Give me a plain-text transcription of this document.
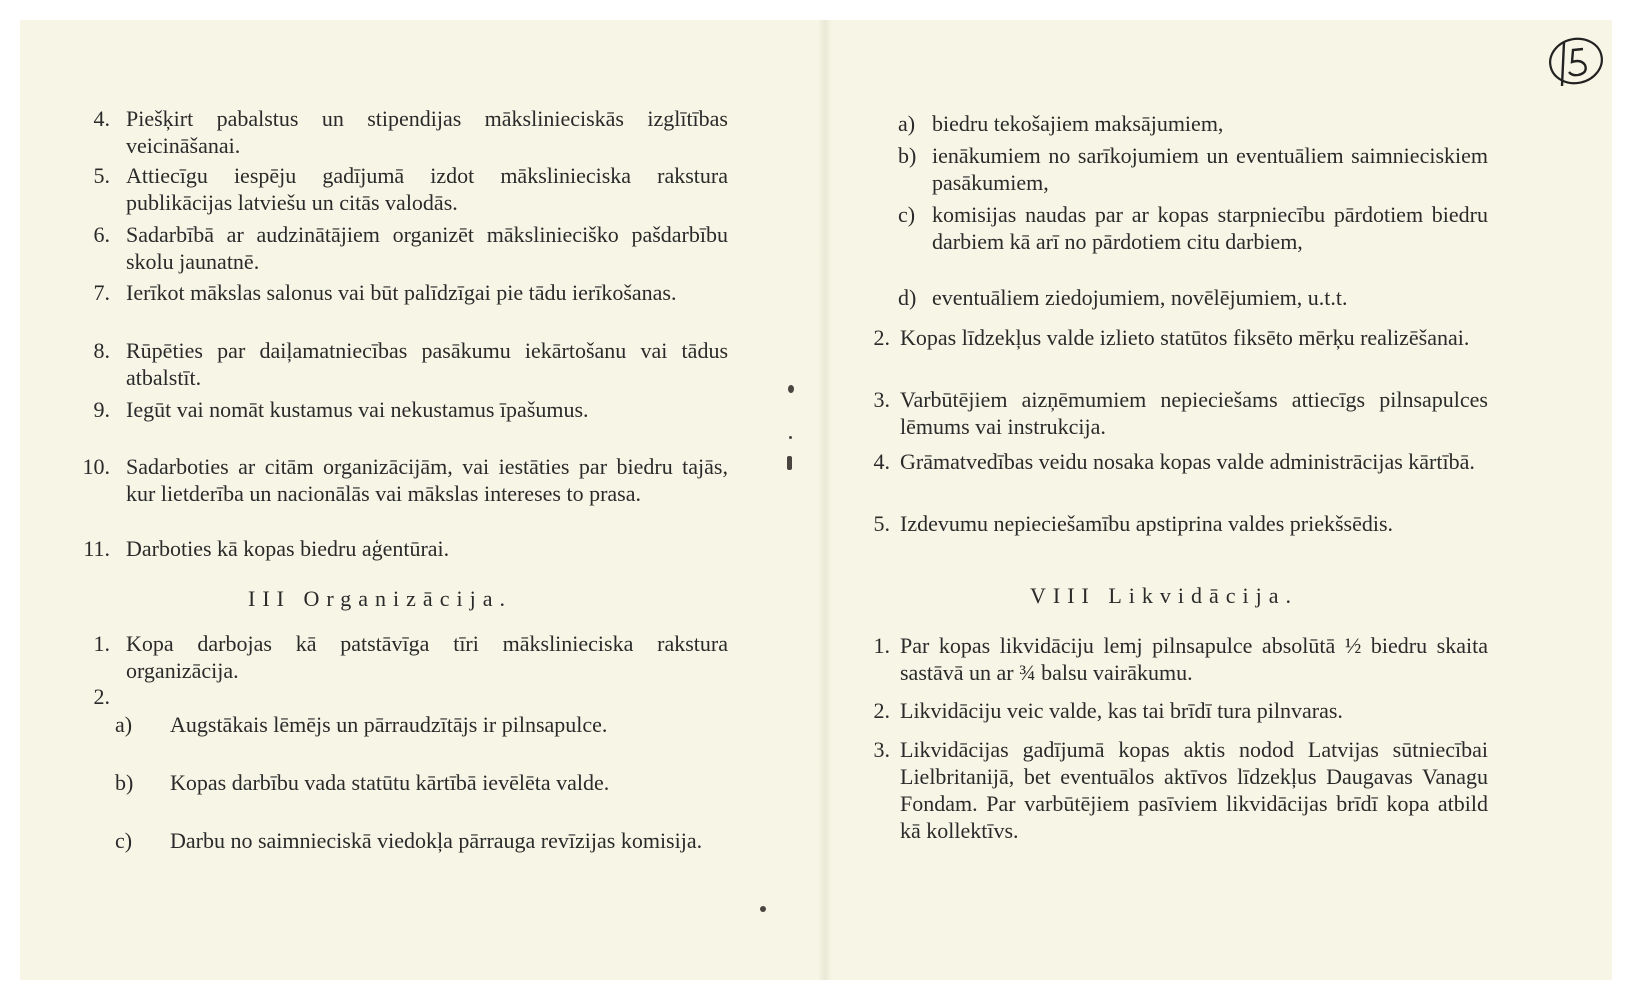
4. Piešķirt pabalstus un stipendijas mākslinieciskās izglītības veicināšanai.
5. Attiecīgu iespēju gadījumā izdot mākslinieciska rakstura publikācijas latviešu un citās valodās.
6. Sadarbībā ar audzinātājiem organizēt mākslinieciško pašdarbību skolu jaunatnē.
7. Ierīkot mākslas salonus vai būt palīdzīgai pie tādu ierīkošanas.
8. Rūpēties par daiļamatniecības pasākumu iekārtošanu vai tādus atbalstīt.
9. Iegūt vai nomāt kustamus vai nekustamus īpašumus.
10. Sadarboties ar citām organizācijām, vai iestāties par biedru tajās, kur lietderība un nacionālās vai mākslas intereses to prasa.
11. Darboties kā kopas biedru aģentūrai.
III Organizācija.
1. Kopa darbojas kā patstāvīga tīri mākslinieciska rakstura organizācija.
2.
a)	Augstākais lēmējs un pārraudzītājs ir pilnsapulce.
b)	Kopas darbību vada statūtu kārtībā ievēlēta valde.
c)	Darbu no saimnieciskā viedokļa pārrauga revīzijas komisija.
a) biedru tekošajiem maksājumiem,
b) ienākumiem no sarīkojumiem un eventuāliem saimnieciskiem pasākumiem,
c) komisijas naudas par ar kopas starpniecību pārdotiem biedru darbiem kā arī no pārdotiem citu darbiem,
d) eventuāliem ziedojumiem, novēlējumiem, u.t.t.
2. Kopas līdzekļus valde izlieto statūtos fiksēto mērķu realizēšanai.
3. Varbūtējiem aizņēmumiem nepieciešams attiecīgs pilnsapulces lēmums vai instrukcija.
4. Grāmatvedības veidu nosaka kopas valde administrācijas kārtībā.
5. Izdevumu nepieciešamību apstiprina valdes priekšsēdis.
VIII Likvidācija.
1. Par kopas likvidāciju lemj pilnsapulce absolūtā ½ biedru skaita sastāvā un ar ¾ balsu vairākumu.
2. Likvidāciju veic valde, kas tai brīdī tura pilnvaras.
3. Likvidācijas gadījumā kopas aktis nodod Latvijas sūtniecībai Lielbritanijā, bet eventuālos aktīvos līdzekļus Daugavas Vanagu Fondam. Par varbūtējiem pasīviem likvidācijas brīdī kopa atbild kā kollektīvs.
